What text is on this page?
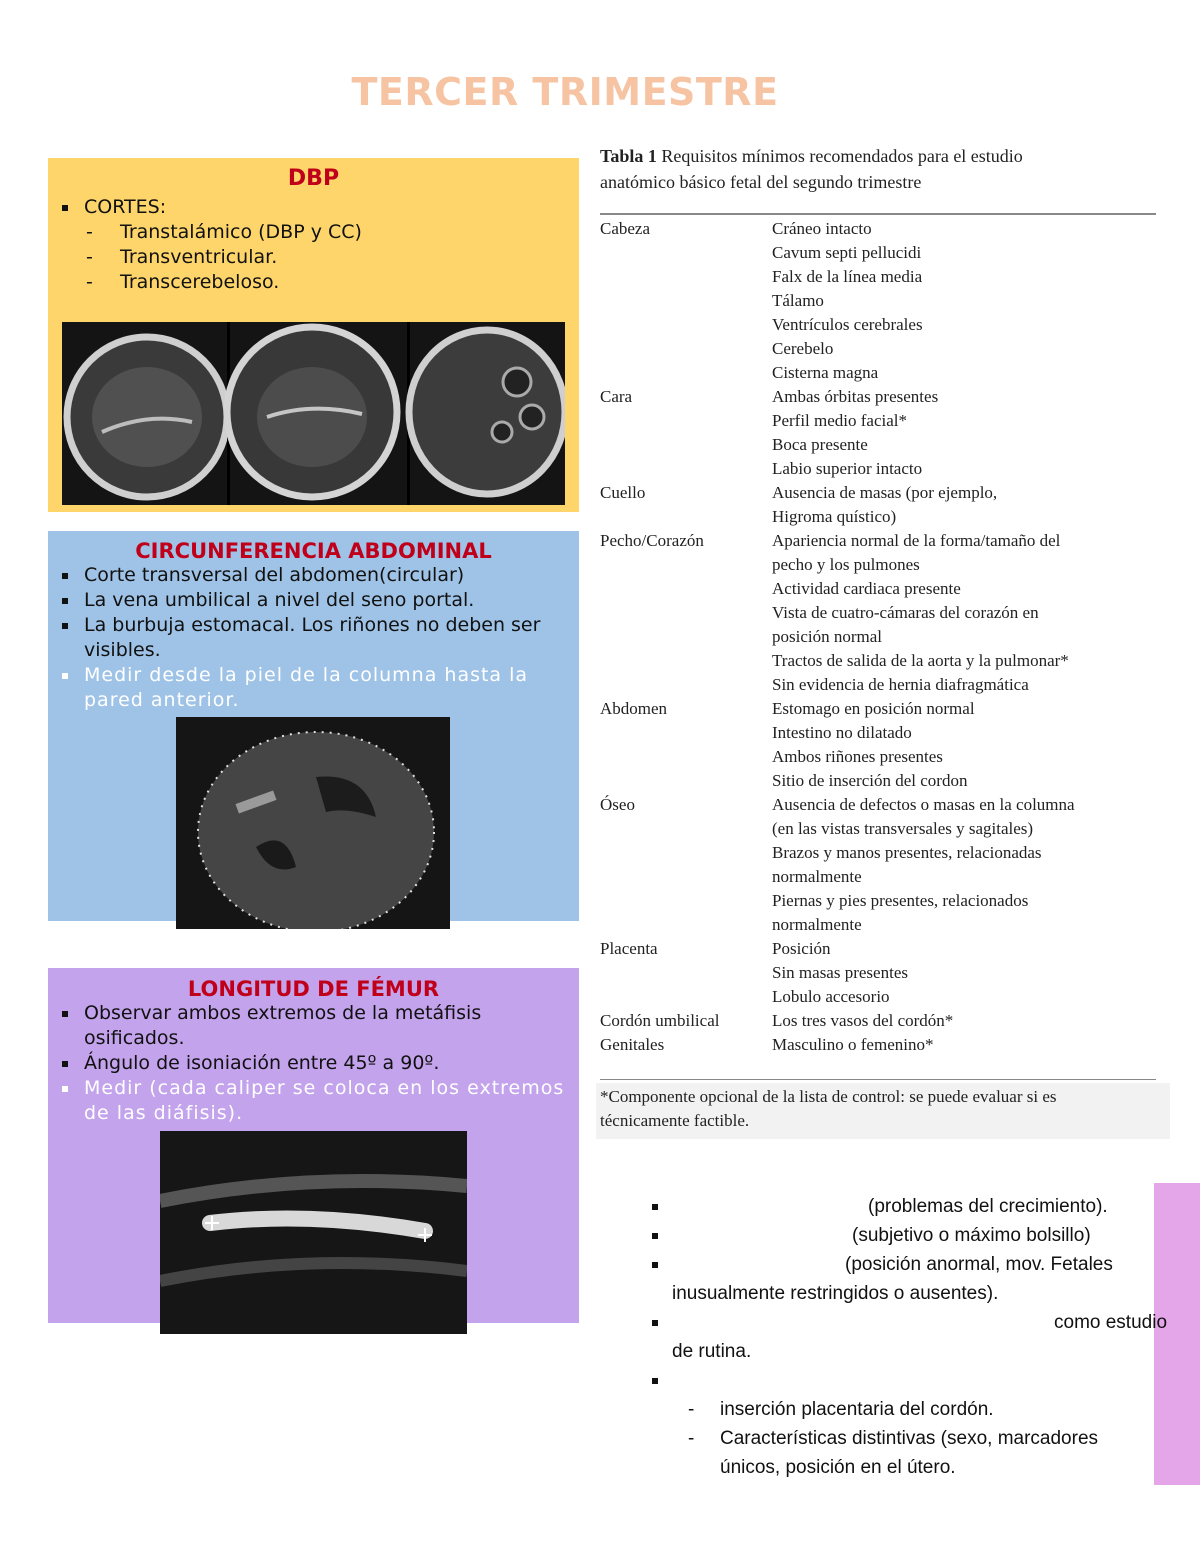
TERCER TRIMESTRE
DBP
CORTES:
- Transtalámico (DBP y CC)
- Transventricular.
- Transcerebeloso.
CIRCUNFERENCIA ABDOMINAL
Corte transversal del abdomen(circular)
La vena umbilical a nivel del seno portal.
La burbuja estomacal. Los riñones no deben ser visibles.
Medir desde la piel de la columna hasta la pared anterior.
LONGITUD DE FÉMUR
Observar ambos extremos de la metáfisis osificados.
Ángulo de isoniación entre 45º a 90º.
Medir (cada caliper se coloca en los extremos de las diáfisis).
Tabla 1 Requisitos mínimos recomendados para el estudio
anatómico básico fetal del segundo trimestre
Cabeza	Cráneo intacto
Cavum septi pellucidi
Falx de la línea media
Tálamo
Ventrículos cerebrales
Cerebelo
Cisterna magna
Cara	Ambas órbitas presentes
Perfil medio facial*
Boca presente
Labio superior intacto
Cuello	Ausencia de masas (por ejemplo,
Higroma quístico)
Pecho/Corazón	Apariencia normal de la forma/tamaño del
pecho y los pulmones
Actividad cardiaca presente
Vista de cuatro-cámaras del corazón en
posición normal
Tractos de salida de la aorta y la pulmonar*
Sin evidencia de hernia diafragmática
Abdomen	Estomago en posición normal
Intestino no dilatado
Ambos riñones presentes
Sitio de inserción del cordon
Óseo	Ausencia de defectos o masas en la columna
(en las vistas transversales y sagitales)
Brazos y manos presentes, relacionadas
normalmente
Piernas y pies presentes, relacionados
normalmente
Placenta	Posición
Sin masas presentes
Lobulo accesorio
Cordón umbilical	Los tres vasos del cordón*
Genitales	Masculino o femenino*
*Componente opcional de la lista de control: se puede evaluar si es
técnicamente factible.
(problemas del crecimiento).
(subjetivo o máximo bolsillo)
(posición anormal, mov. Fetales
inusualmente restringidos o ausentes).
como estudio
de rutina.
- inserción placentaria del cordón.
- Características distintivas (sexo, marcadores
únicos, posición en el útero.
